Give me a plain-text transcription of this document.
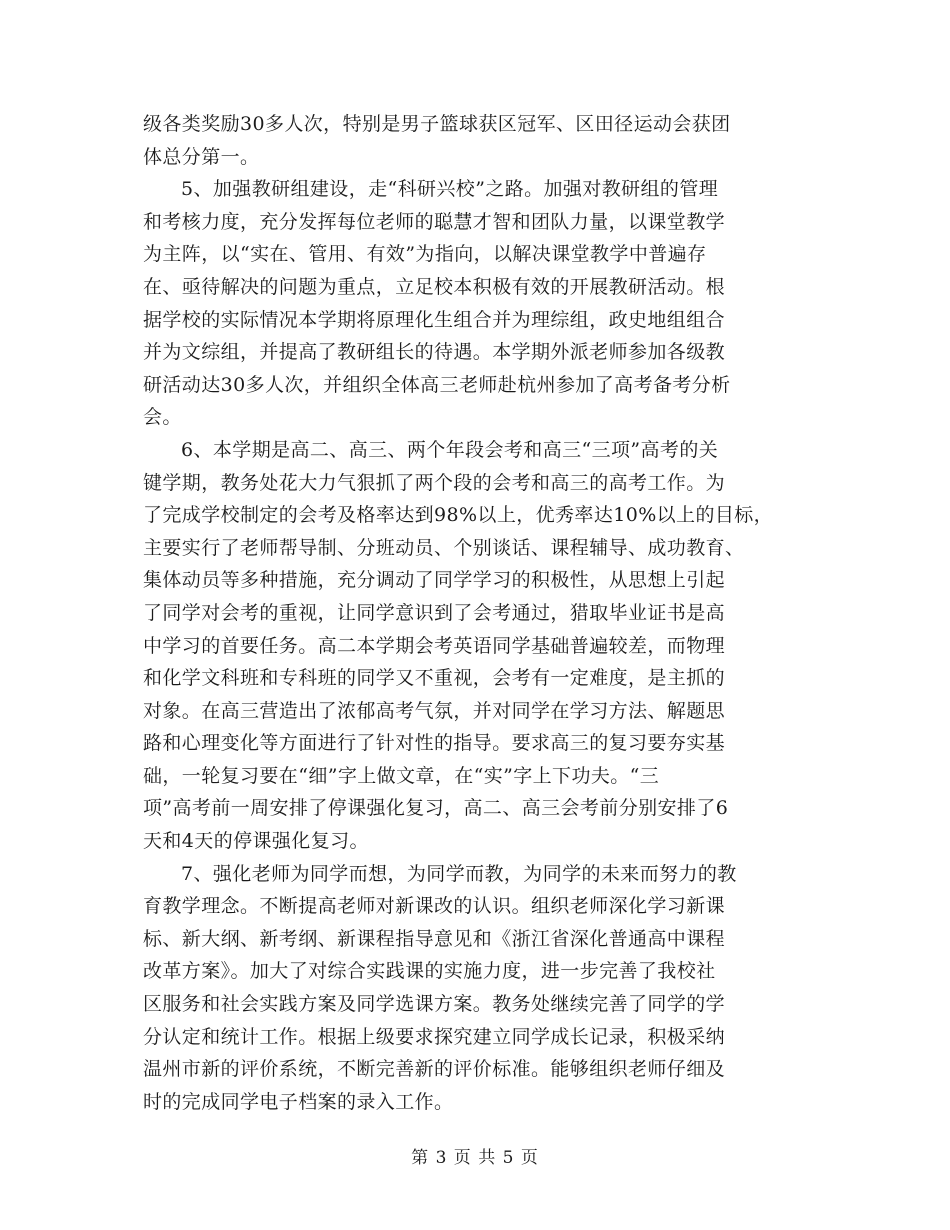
级各类奖励30多人次，特别是男子篮球获区冠军、区田径运动会获团
体总分第一。
5、加强教研组建设，走“科研兴校”之路。加强对教研组的管理
和考核力度，充分发挥每位老师的聪慧才智和团队力量，以课堂教学
为主阵，以“实在、管用、有效”为指向，以解决课堂教学中普遍存
在、亟待解决的问题为重点，立足校本积极有效的开展教研活动。根
据学校的实际情况本学期将原理化生组合并为理综组，政史地组组合
并为文综组，并提高了教研组长的待遇。本学期外派老师参加各级教
研活动达30多人次，并组织全体高三老师赴杭州参加了高考备考分析
会。
6、本学期是高二、高三、两个年段会考和高三“三项”高考的关
键学期，教务处花大力气狠抓了两个段的会考和高三的高考工作。为
了完成学校制定的会考及格率达到98%以上，优秀率达10%以上的目标，
主要实行了老师帮导制、分班动员、个别谈话、课程辅导、成功教育、
集体动员等多种措施，充分调动了同学学习的积极性，从思想上引起
了同学对会考的重视，让同学意识到了会考通过，猎取毕业证书是高
中学习的首要任务。高二本学期会考英语同学基础普遍较差，而物理
和化学文科班和专科班的同学又不重视，会考有一定难度，是主抓的
对象。在高三营造出了浓郁高考气氛，并对同学在学习方法、解题思
路和心理变化等方面进行了针对性的指导。要求高三的复习要夯实基
础，一轮复习要在“细”字上做文章，在“实”字上下功夫。“三
项”高考前一周安排了停课强化复习，高二、高三会考前分别安排了6
天和4天的停课强化复习。
7、强化老师为同学而想，为同学而教，为同学的未来而努力的教
育教学理念。不断提高老师对新课改的认识。组织老师深化学习新课
标、新大纲、新考纲、新课程指导意见和《浙江省深化普通高中课程
改革方案》。加大了对综合实践课的实施力度，进一步完善了我校社
区服务和社会实践方案及同学选课方案。教务处继续完善了同学的学
分认定和统计工作。根据上级要求探究建立同学成长记录，积极采纳
温州市新的评价系统，不断完善新的评价标准。能够组织老师仔细及
时的完成同学电子档案的录入工作。
第 3 页 共 5 页
